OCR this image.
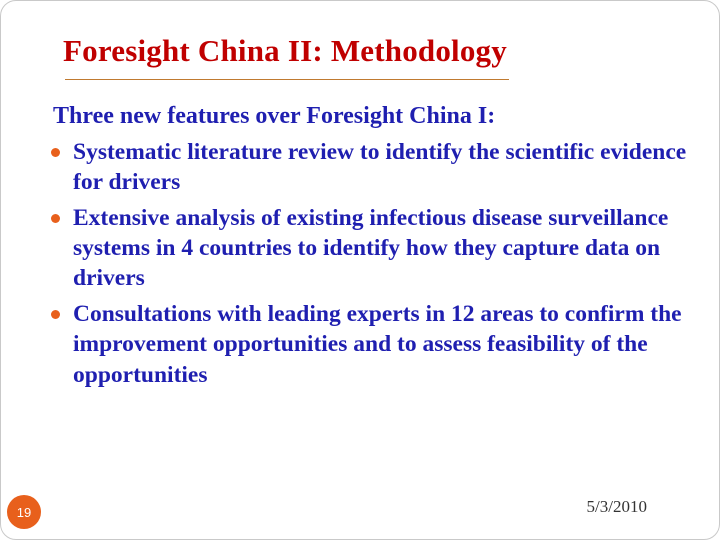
Foresight China II: Methodology

Three new features over Foresight China I:

Systematic literature review to identify the scientific evidence for drivers
Extensive analysis of existing infectious disease surveillance systems in 4 countries to identify how they capture data on drivers
Consultations with leading experts in 12 areas to confirm the improvement opportunities and to assess feasibility of the opportunities
19	5/3/2010
